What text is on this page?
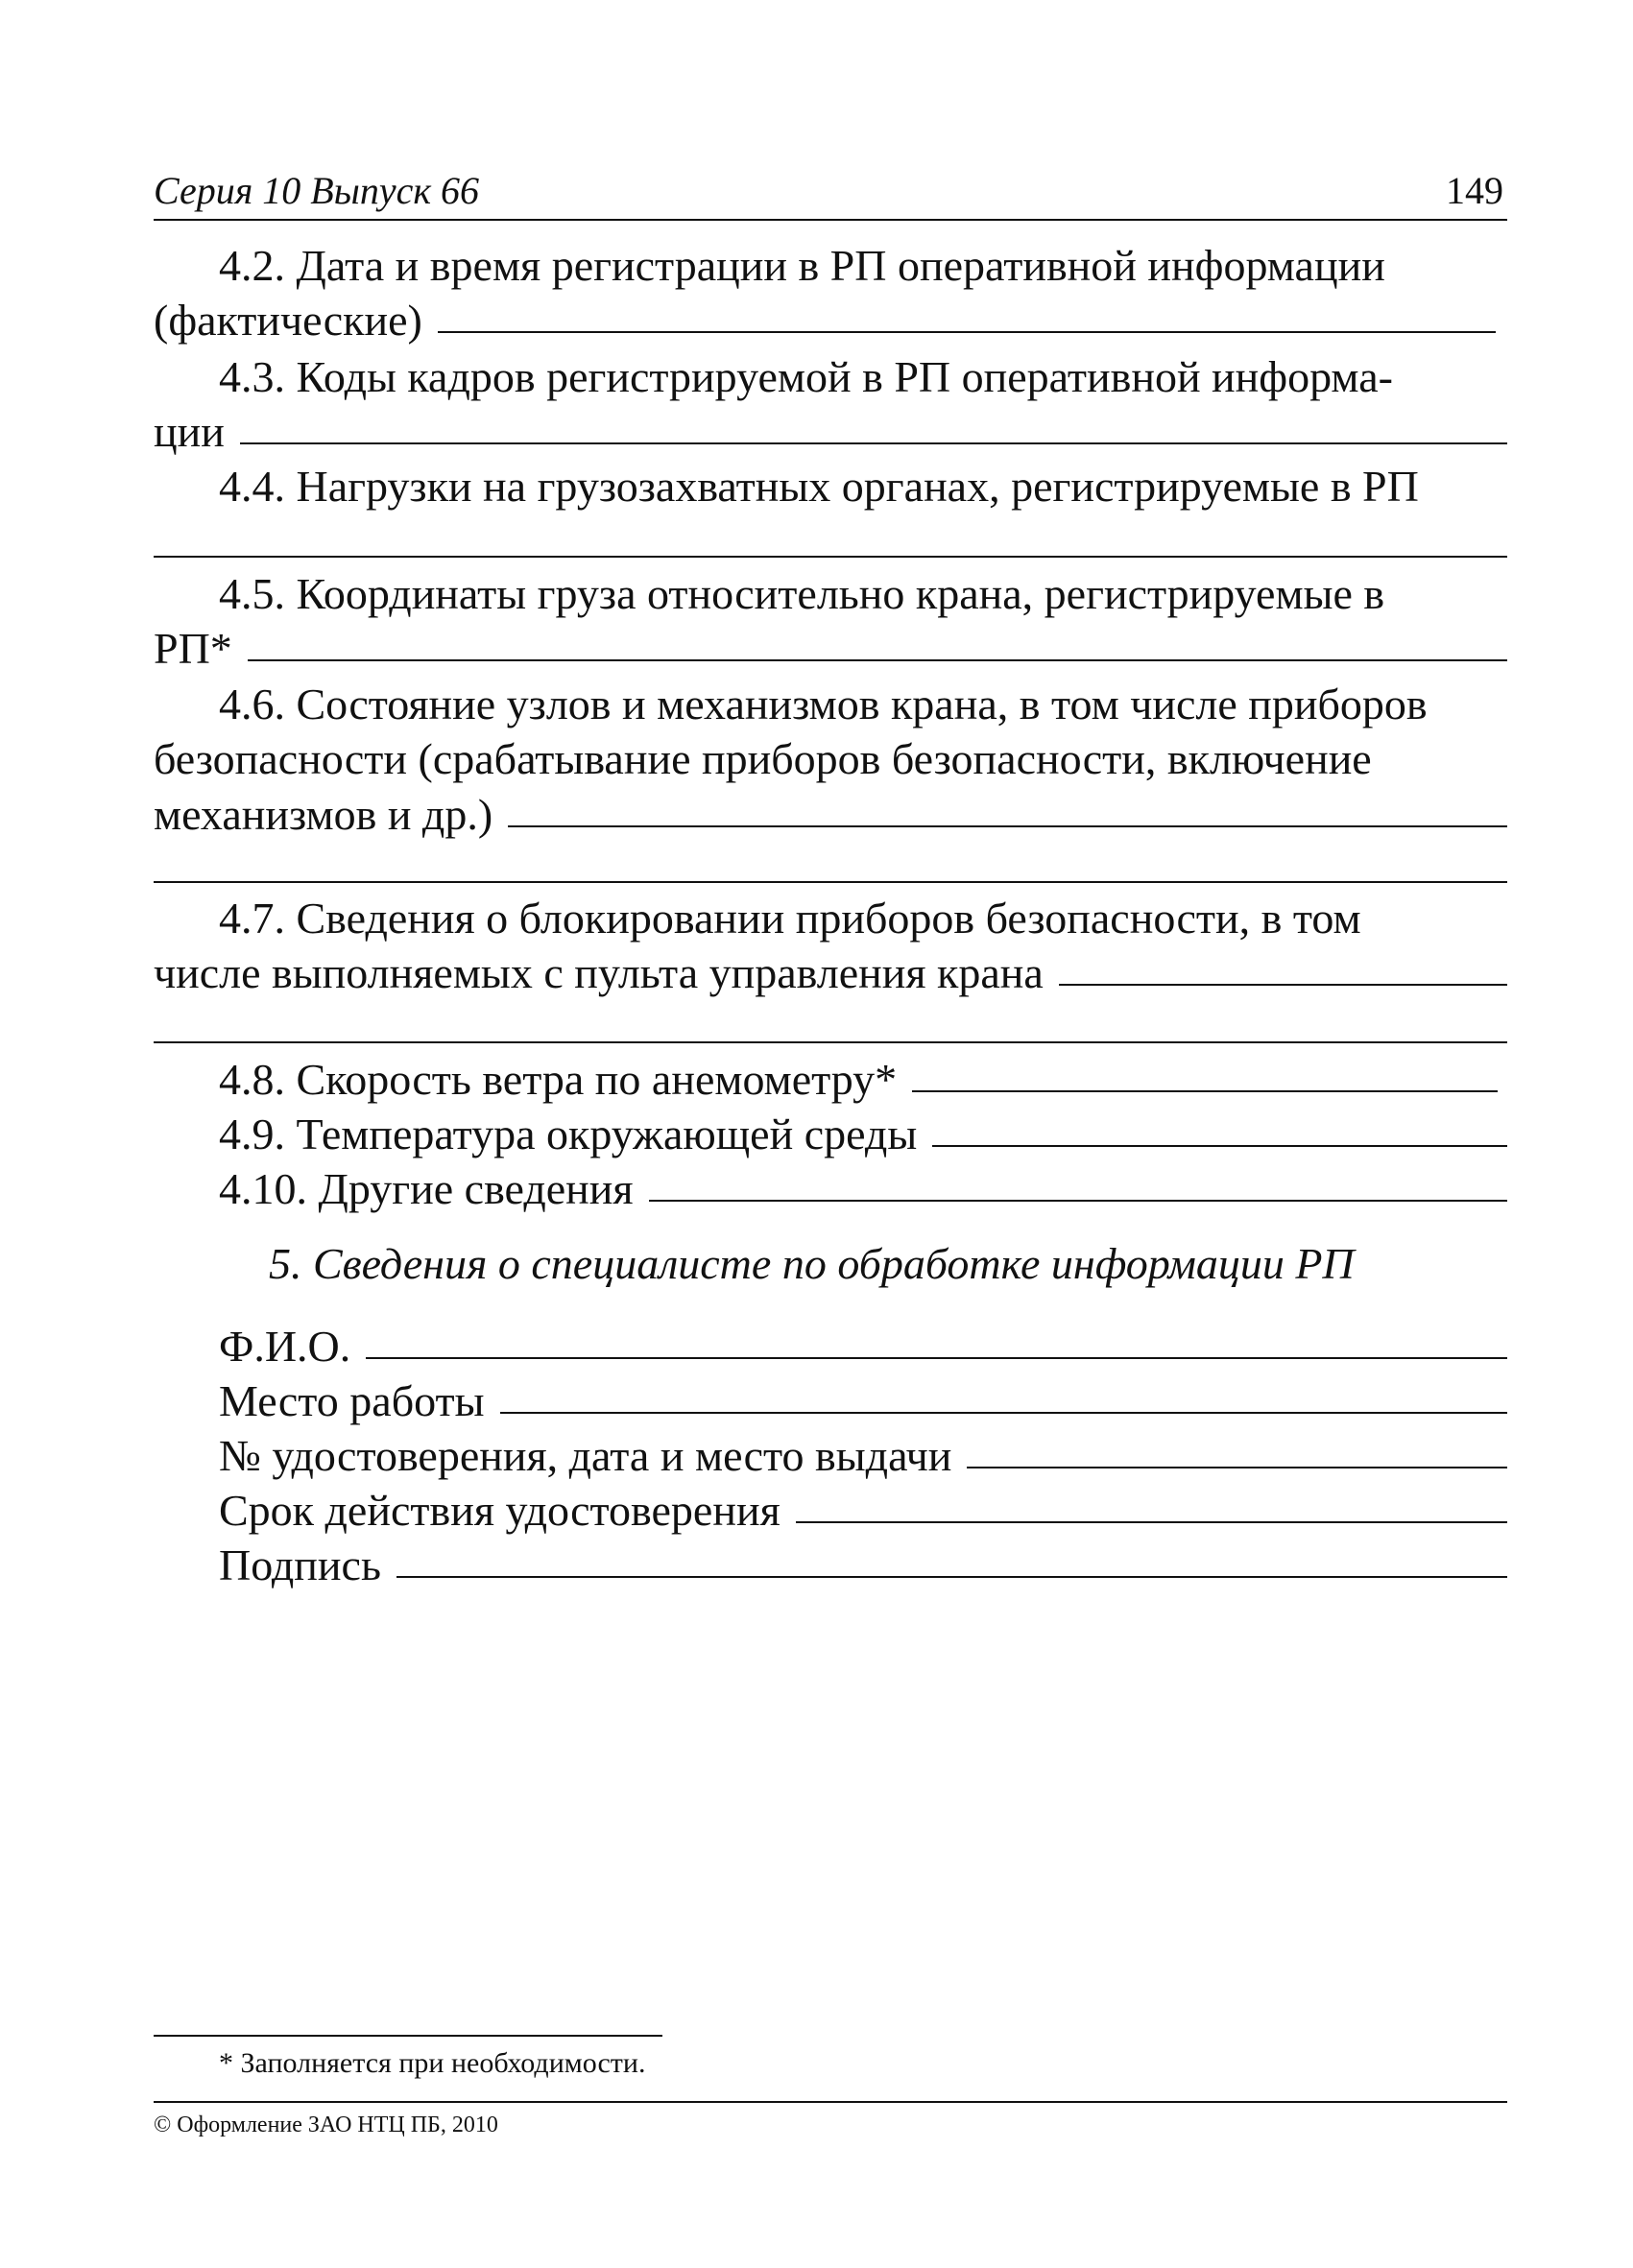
Серия 10 Выпуск 66	149
4.2. Дата и время регистрации в РП оперативной информации
(фактические)
4.3. Коды кадров регистрируемой в РП оперативной информа-
ции
4.4. Нагрузки на грузозахватных органах, регистрируемые в РП
4.5. Координаты груза относительно крана, регистрируемые в
РП*
4.6. Состояние узлов и механизмов крана, в том числе приборов
безопасности (срабатывание приборов безопасности, включение
механизмов и др.)
4.7. Сведения о блокировании приборов безопасности, в том
числе выполняемых с пульта управления крана
4.8. Скорость ветра по анемометру*
4.9. Температура окружающей среды
4.10. Другие сведения
5. Сведения о специалисте по обработке информации РП
Ф.И.О.
Место работы
№ удостоверения, дата и место выдачи
Срок действия удостоверения
Подпись
* Заполняется при необходимости.
© Оформление ЗАО НТЦ ПБ, 2010
